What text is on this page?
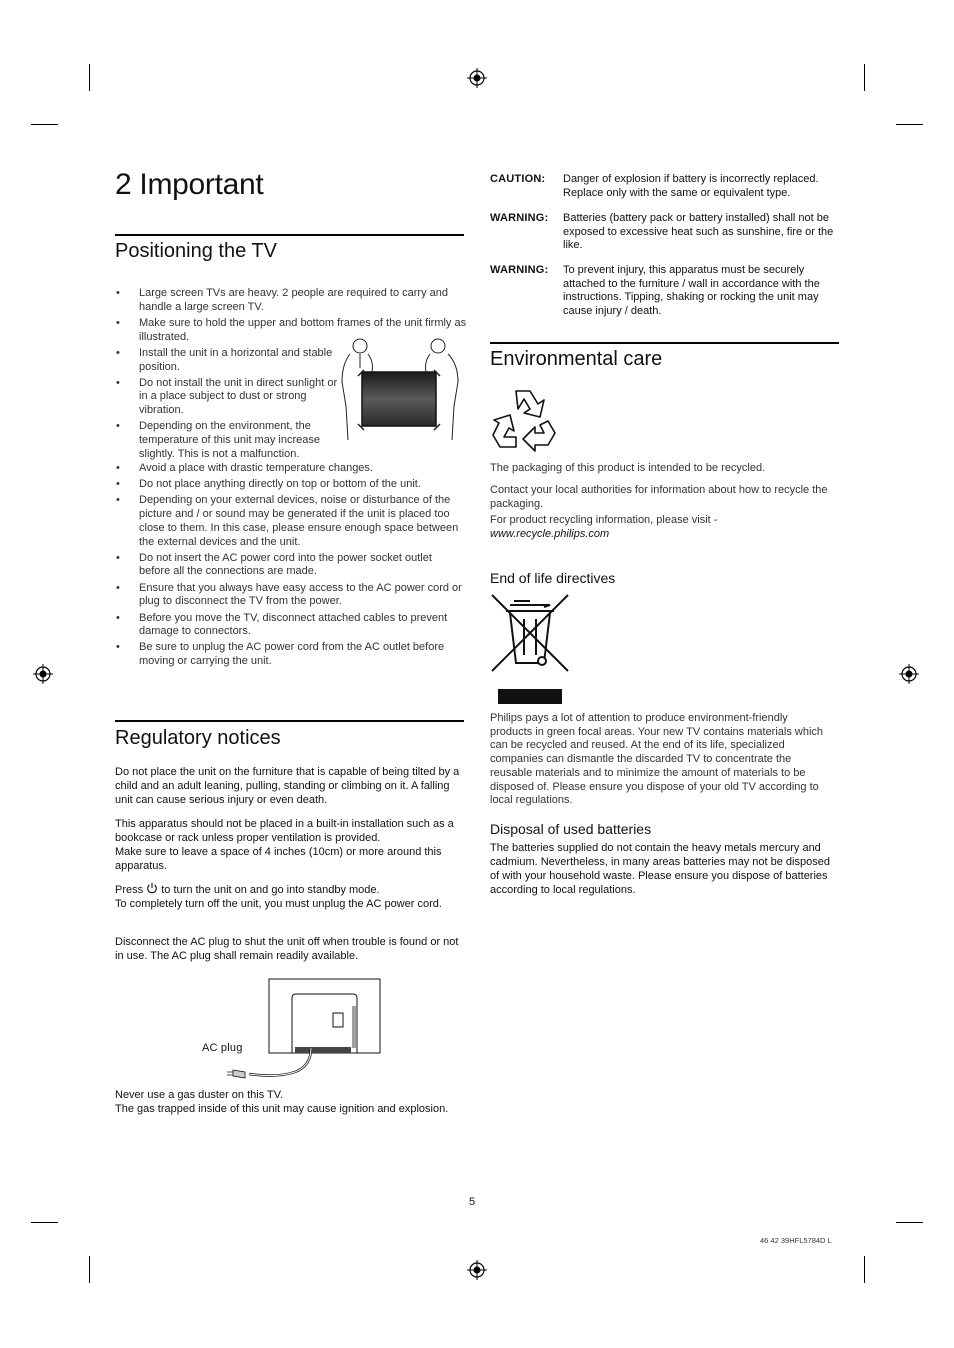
2 Important
Positioning the TV
• Large screen TVs are heavy. 2 people are required to carry and handle a large screen TV.
• Make sure to hold the upper and bottom frames of the unit firmly as illustrated.
• Install the unit in a horizontal and stable position.
• Do not install the unit in direct sunlight or in a place subject to dust or strong vibration.
• Depending on the environment, the temperature of this unit may increase slightly. This is not a malfunction.
• Avoid a place with drastic temperature changes.
• Do not place anything directly on top or bottom of the unit.
• Depending on your external devices, noise or disturbance of the picture and / or sound may be generated if the unit is placed too close to them. In this case, please ensure enough space between the external devices and the unit.
• Do not insert the AC power cord into the power socket outlet before all the connections are made.
• Ensure that you always have easy access to the AC power cord or plug to disconnect the TV from the power.
• Before you move the TV, disconnect attached cables to prevent damage to connectors.
• Be sure to unplug the AC power cord from the AC outlet before moving or carrying the unit.
Regulatory notices

Do not place the unit on the furniture that is capable of being tilted by a child and an adult leaning, pulling, standing or climbing on it. A falling unit can cause serious injury or even death.

This apparatus should not be placed in a built-in installation such as a bookcase or rack unless proper ventilation is provided.
Make sure to leave a space of 4 inches (10cm) or more around this apparatus.
Press to turn the unit on and go into standby mode.
To completely turn off the unit, you must unplug the AC power cord.

Disconnect the AC plug to shut the unit off when trouble is found or not in use. The AC plug shall remain readily available.

AC plug
Never use a gas duster on this TV.
The gas trapped inside of this unit may cause ignition and explosion.
CAUTION: Danger of explosion if battery is incorrectly replaced. Replace only with the same or equivalent type.
WARNING: Batteries (battery pack or battery installed) shall not be exposed to excessive heat such as sunshine, fire or the like.
WARNING: To prevent injury, this apparatus must be securely attached to the furniture / wall in accordance with the instructions. Tipping, shaking or rocking the unit may cause injury / death.
Environmental care

The packaging of this product is intended to be recycled.

Contact your local authorities for information about how to recycle the packaging.

For product recycling information, please visit -

www.recycle.philips.com

End of life directives

Philips pays a lot of attention to produce environment-friendly products in green focal areas. Your new TV contains materials which can be recycled and reused. At the end of its life, specialized companies can dismantle the discarded TV to concentrate the reusable materials and to minimize the amount of materials to be disposed of. Please ensure you dispose of your old TV according to local regulations.

Disposal of used batteries

The batteries supplied do not contain the heavy metals mercury and cadmium. Nevertheless, in many areas batteries may not be disposed of with your household waste. Please ensure you dispose of batteries according to local regulations.

5
46 42 39HFL5784D L
